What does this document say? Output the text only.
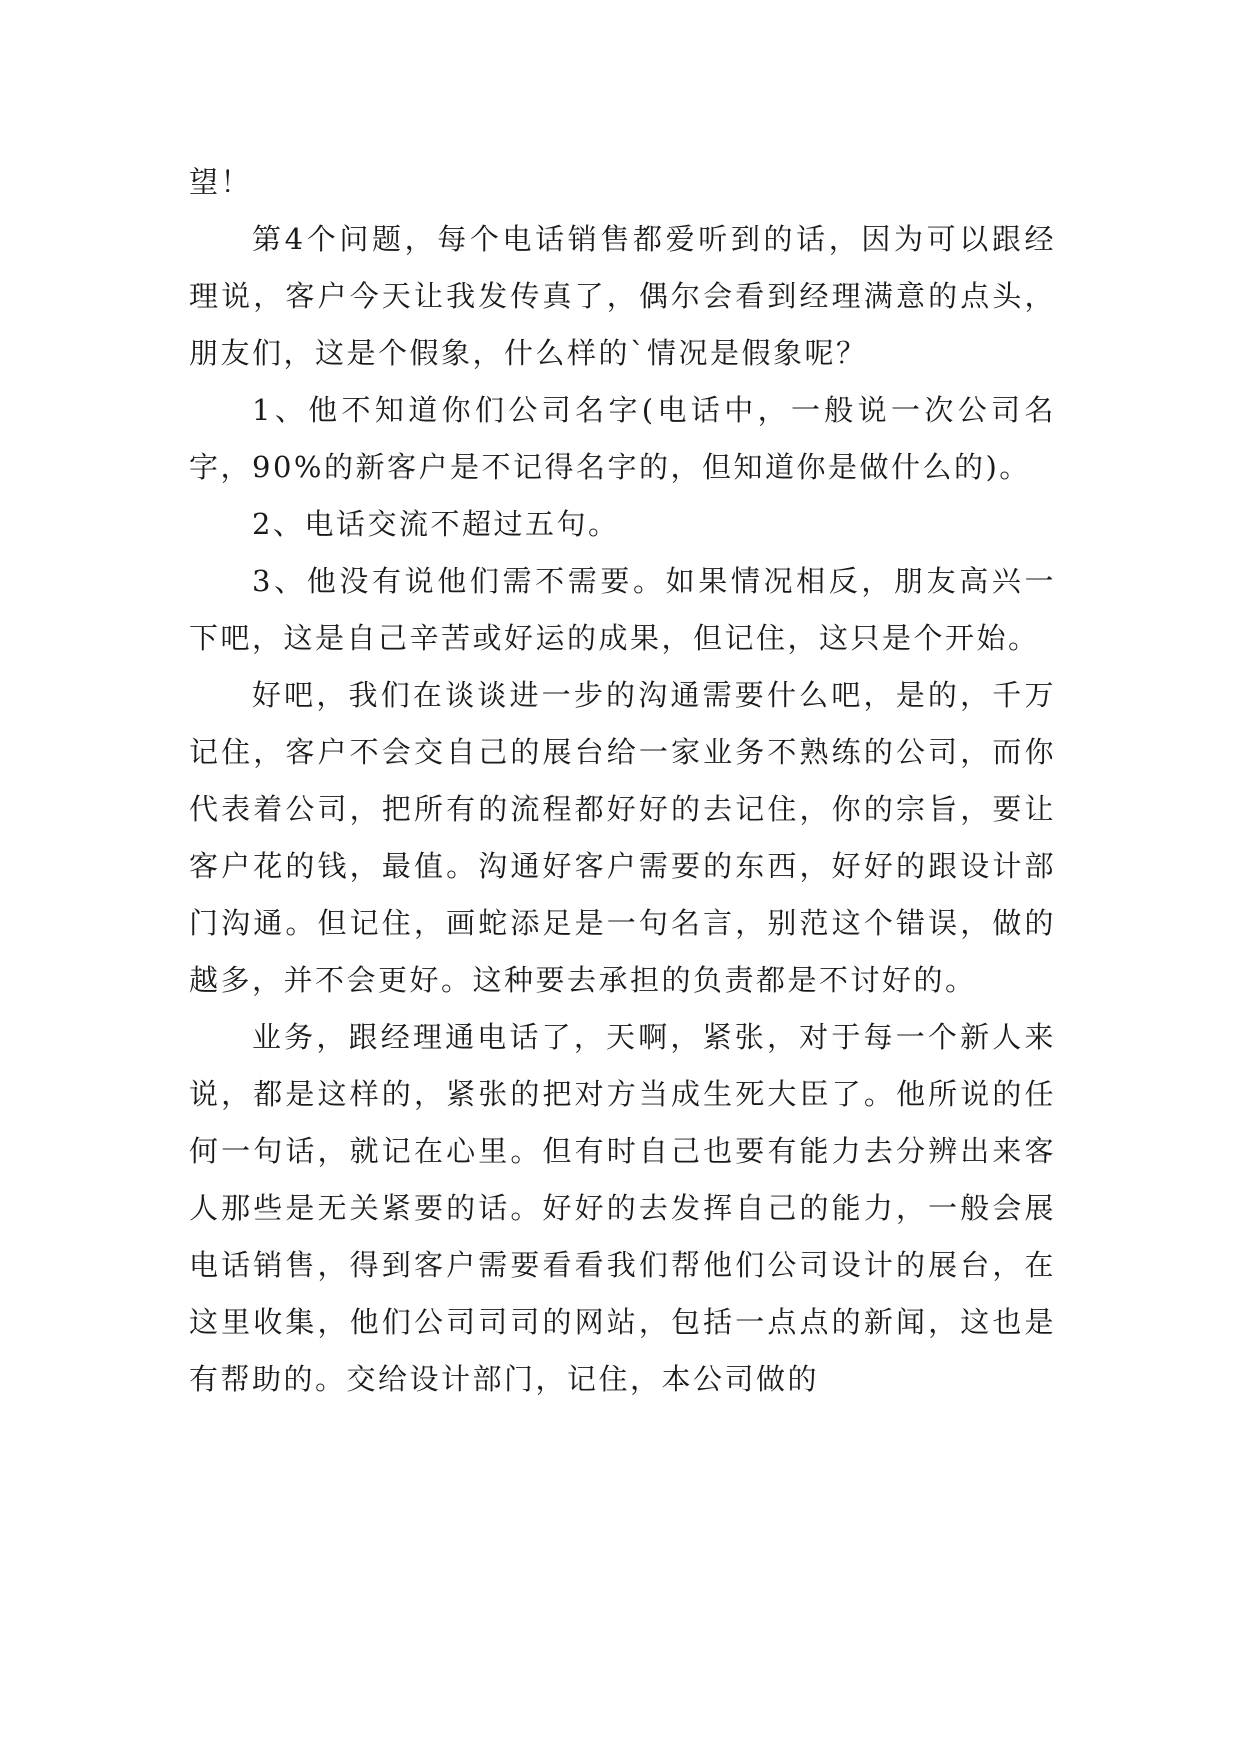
望！

第4个问题，每个电话销售都爱听到的话，因为可以跟经理说，客户今天让我发传真了，偶尔会看到经理满意的点头，朋友们，这是个假象，什么样的`情况是假象呢？

1、他不知道你们公司名字(电话中，一般说一次公司名字，90%的新客户是不记得名字的，但知道你是做什么的)。

2、电话交流不超过五句。

3、他没有说他们需不需要。如果情况相反，朋友高兴一下吧，这是自己辛苦或好运的成果，但记住，这只是个开始。

好吧，我们在谈谈进一步的沟通需要什么吧，是的，千万记住，客户不会交自己的展台给一家业务不熟练的公司，而你代表着公司，把所有的流程都好好的去记住，你的宗旨，要让客户花的钱，最值。沟通好客户需要的东西，好好的跟设计部门沟通。但记住，画蛇添足是一句名言，别范这个错误，做的越多，并不会更好。这种要去承担的负责都是不讨好的。

业务，跟经理通电话了，天啊，紧张，对于每一个新人来说，都是这样的，紧张的把对方当成生死大臣了。他所说的任何一句话，就记在心里。但有时自己也要有能力去分辨出来客人那些是无关紧要的话。好好的去发挥自己的能力，一般会展电话销售，得到客户需要看看我们帮他们公司设计的展台，在这里收集，他们公司司司的网站，包括一点点的新闻，这也是有帮助的。交给设计部门，记住，本公司做的
